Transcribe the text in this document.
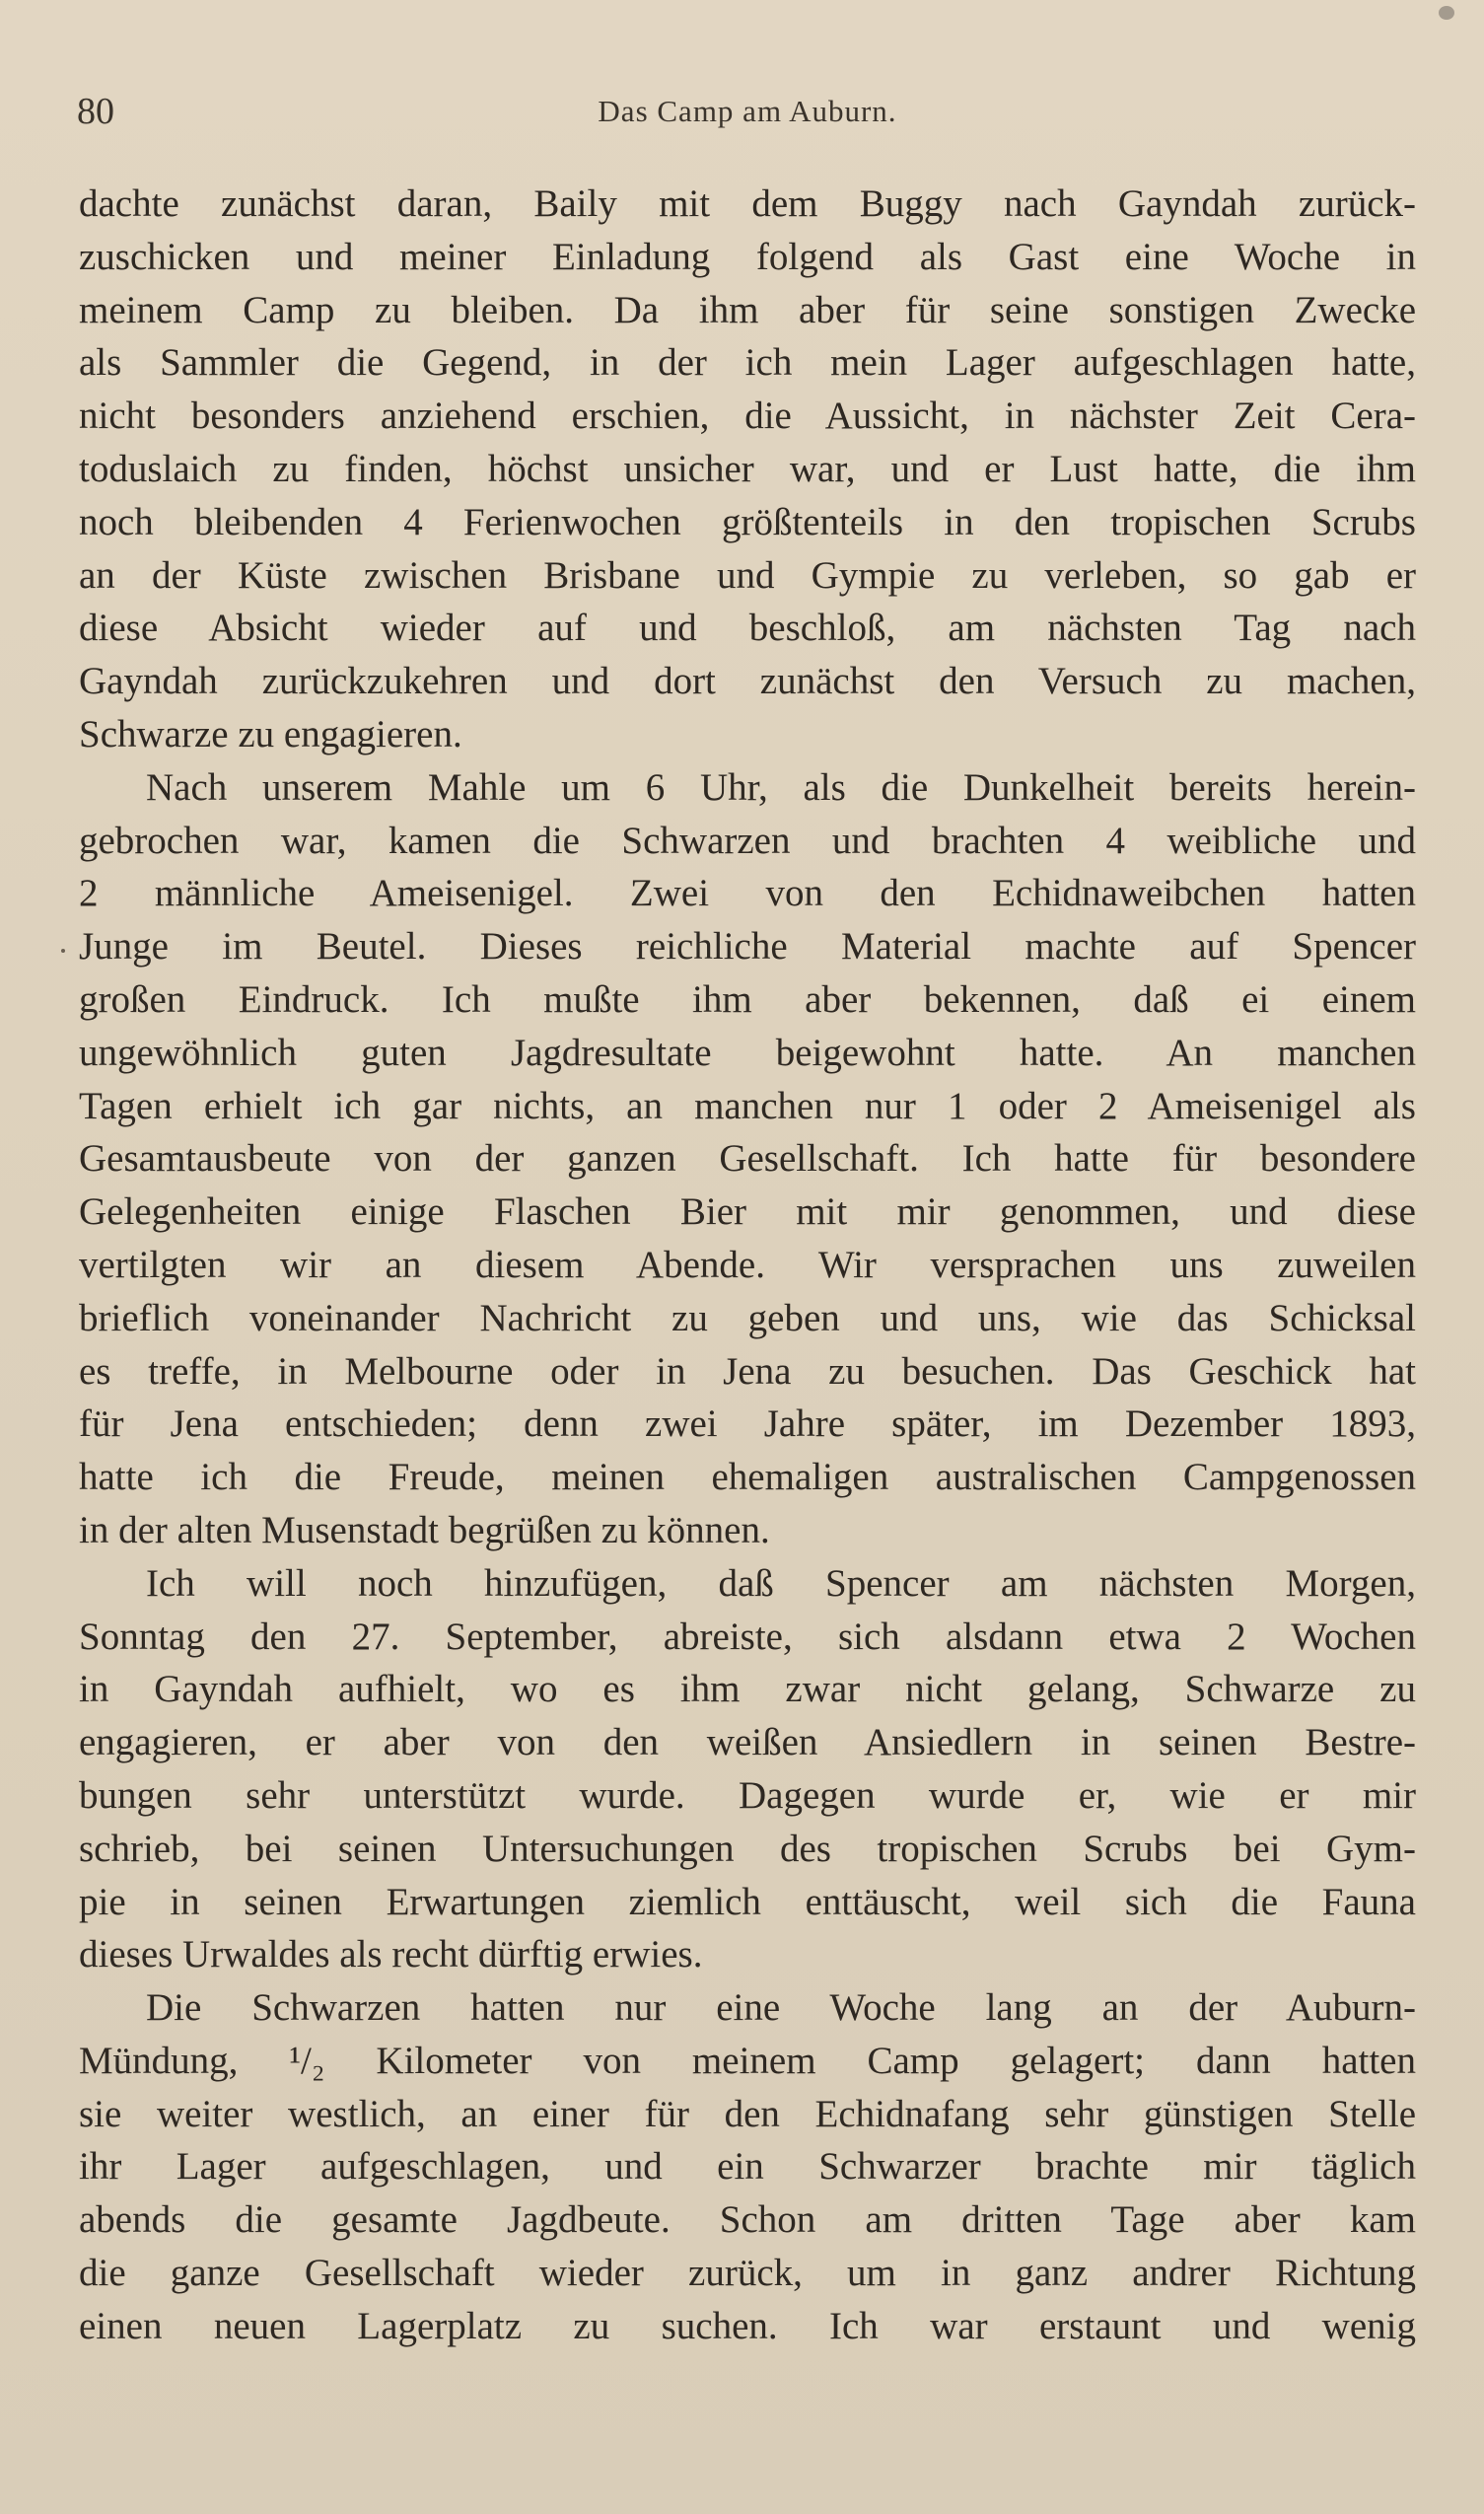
80	Das Camp am Auburn.
dachte zunächst daran, Baily mit dem Buggy nach Gayndah zurück-
zuschicken und meiner Einladung folgend als Gast eine Woche in
meinem Camp zu bleiben. Da ihm aber für seine sonstigen Zwecke
als Sammler die Gegend, in der ich mein Lager aufgeschlagen hatte,
nicht besonders anziehend erschien, die Aussicht, in nächster Zeit Cera-
toduslaich zu finden, höchst unsicher war, und er Lust hatte, die ihm
noch bleibenden 4 Ferienwochen größtenteils in den tropischen Scrubs
an der Küste zwischen Brisbane und Gympie zu verleben, so gab er
diese Absicht wieder auf und beschloß, am nächsten Tag nach
Gayndah zurückzukehren und dort zunächst den Versuch zu machen,
Schwarze zu engagieren.
Nach unserem Mahle um 6 Uhr, als die Dunkelheit bereits herein-
gebrochen war, kamen die Schwarzen und brachten 4 weibliche und
2 männliche Ameisenigel. Zwei von den Echidnaweibchen hatten
Junge im Beutel. Dieses reichliche Material machte auf Spencer
großen Eindruck. Ich mußte ihm aber bekennen, daß ei einem
ungewöhnlich guten Jagdresultate beigewohnt hatte. An manchen
Tagen erhielt ich gar nichts, an manchen nur 1 oder 2 Ameisenigel als
Gesamtausbeute von der ganzen Gesellschaft. Ich hatte für besondere
Gelegenheiten einige Flaschen Bier mit mir genommen, und diese
vertilgten wir an diesem Abende. Wir versprachen uns zuweilen
brieflich voneinander Nachricht zu geben und uns, wie das Schicksal
es treffe, in Melbourne oder in Jena zu besuchen. Das Geschick hat
für Jena entschieden; denn zwei Jahre später, im Dezember 1893,
hatte ich die Freude, meinen ehemaligen australischen Campgenossen
in der alten Musenstadt begrüßen zu können.
Ich will noch hinzufügen, daß Spencer am nächsten Morgen,
Sonntag den 27. September, abreiste, sich alsdann etwa 2 Wochen
in Gayndah aufhielt, wo es ihm zwar nicht gelang, Schwarze zu
engagieren, er aber von den weißen Ansiedlern in seinen Bestre-
bungen sehr unterstützt wurde. Dagegen wurde er, wie er mir
schrieb, bei seinen Untersuchungen des tropischen Scrubs bei Gym-
pie in seinen Erwartungen ziemlich enttäuscht, weil sich die Fauna
dieses Urwaldes als recht dürftig erwies.
Die Schwarzen hatten nur eine Woche lang an der Auburn-
Mündung, ¹/₂ Kilometer von meinem Camp gelagert; dann hatten
sie weiter westlich, an einer für den Echidnafang sehr günstigen Stelle
ihr Lager aufgeschlagen, und ein Schwarzer brachte mir täglich
abends die gesamte Jagdbeute. Schon am dritten Tage aber kam
die ganze Gesellschaft wieder zurück, um in ganz andrer Richtung
einen neuen Lagerplatz zu suchen. Ich war erstaunt und wenig
